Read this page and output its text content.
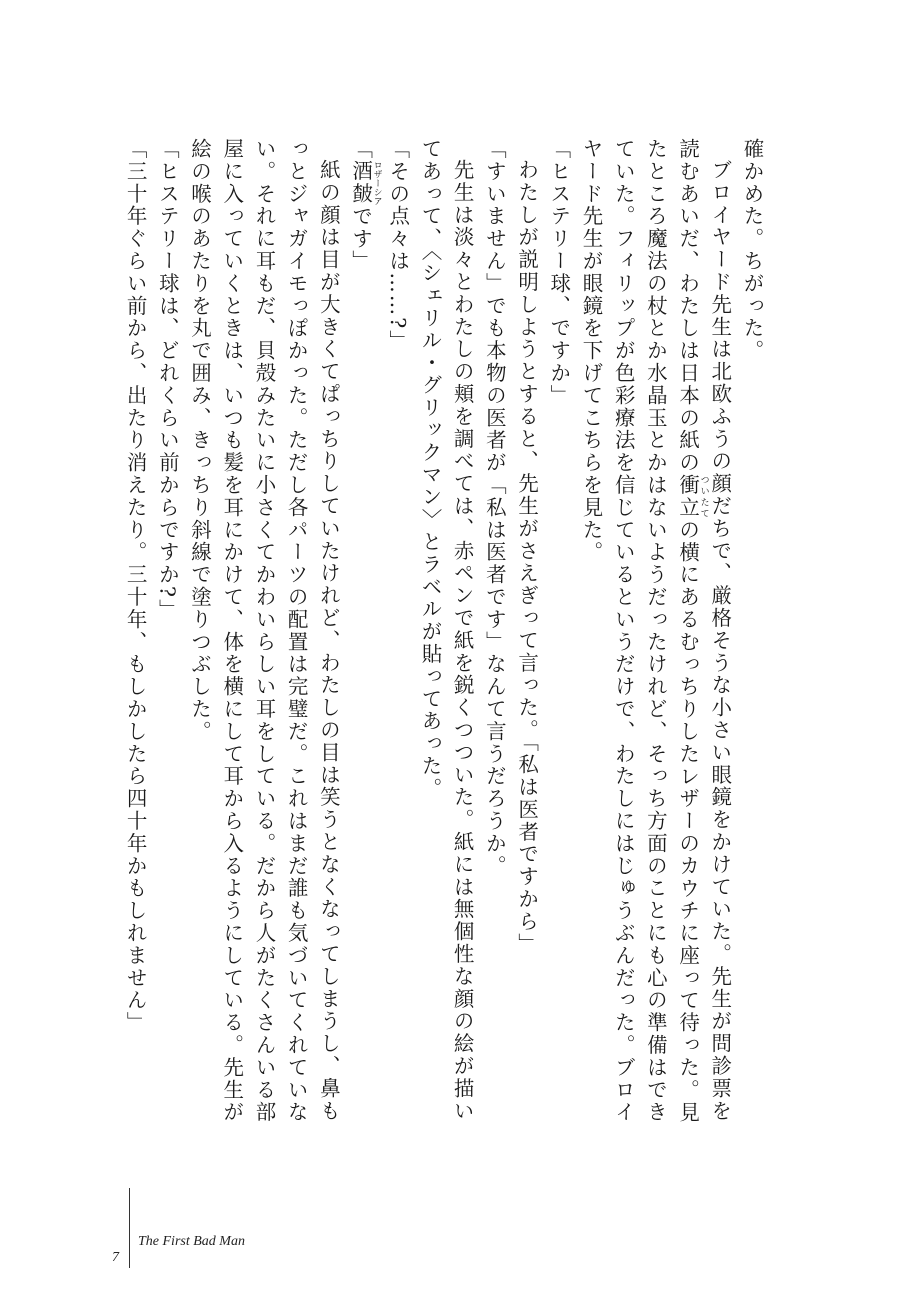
確かめた。ちがった。

ブロイヤード先生は北欧ふうの顔だちで、厳格そうな小さい眼鏡をかけていた。先生が問診票を読むあいだ、わたしは日本の紙の衝立 ついたての横にあるむっちりしたレザーのカウチに座って待った。見たところ魔法の杖とか水晶玉とかはないようだったけれど、そっち方面のことにも心の準備はでき

ていた。フィリップが色彩療法を信じているというだけで、わたしにはじゅうぶんだった。ブロイヤード先生が眼鏡を下げてこちらを見た。

「ヒステリー球、ですか」

わたしが説明しようとすると、先生がさえぎって言った。「私は医者ですから」

「すいません」でも本物の医者が「私は医者です」なんて言うだろうか。

先生は淡々とわたしの頬を調べては、赤ペンで紙を鋭くつついた。紙には無個性な顔の絵が描いてあって、〈シェリル・グリックマン〉とラベルが貼ってあった。

「その点々は……?」

「酒皶 ロザーシアです」

紙の顔は目が大きくてぱっちりしていたけれど、わたしの目は笑うとなくなってしまうし、鼻もっとジャガイモっぽかった。ただし各パーツの配置は完璧だ。これはまだ誰も気づいてくれていない。それに耳もだ、貝殻みたいに小さくてかわいらしい耳をしている。だから人がたくさんいる部屋に入っていくときは、いつも髪を耳にかけて、体を横にして耳から入るようにしている。先生が絵の喉のあたりを丸で囲み、きっちり斜線で塗りつぶした。

「ヒステリー球は、どれくらい前からですか?」

「三十年ぐらい前から、出たり消えたり。三十年、もしかしたら四十年かもしれません」

7
The First Bad Man
